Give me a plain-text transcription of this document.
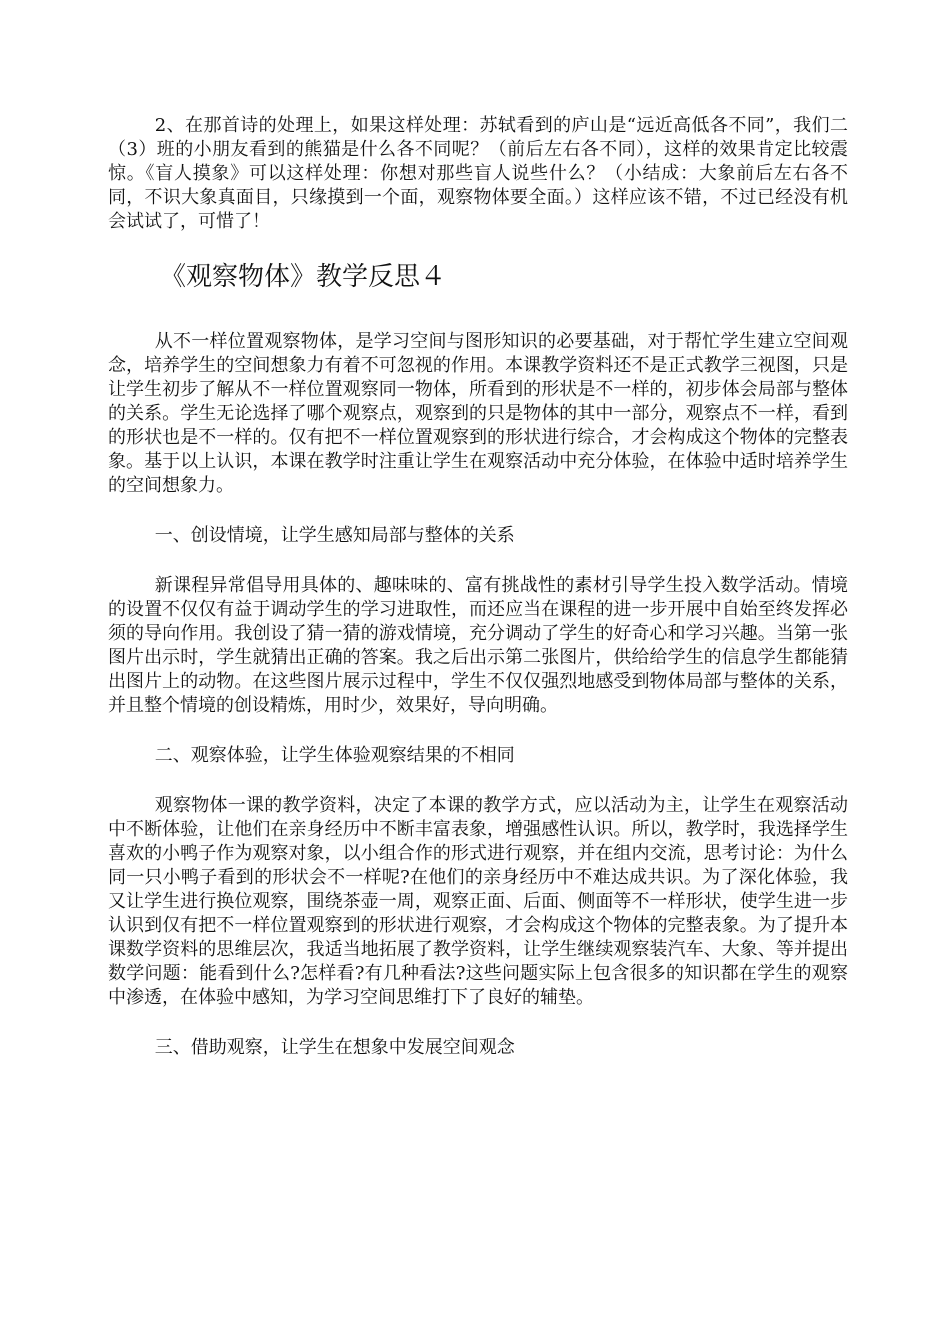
2、在那首诗的处理上，如果这样处理：苏轼看到的庐山是“远近高低各不同”，我们二（3）班的小朋友看到的熊猫是什么各不同呢？（前后左右各不同），这样的效果肯定比较震惊。《盲人摸象》可以这样处理：你想对那些盲人说些什么？（小结成：大象前后左右各不同，不识大象真面目，只缘摸到一个面，观察物体要全面。）这样应该不错，不过已经没有机会试试了，可惜了！

《观察物体》教学反思４

从不一样位置观察物体，是学习空间与图形知识的必要基础，对于帮忙学生建立空间观念，培养学生的空间想象力有着不可忽视的作用。本课教学资料还不是正式教学三视图，只是让学生初步了解从不一样位置观察同一物体，所看到的形状是不一样的，初步体会局部与整体的关系。学生无论选择了哪个观察点，观察到的只是物体的其中一部分，观察点不一样，看到的形状也是不一样的。仅有把不一样位置观察到的形状进行综合，才会构成这个物体的完整表象。基于以上认识，本课在教学时注重让学生在观察活动中充分体验，在体验中适时培养学生的空间想象力。

一、创设情境，让学生感知局部与整体的关系

新课程异常倡导用具体的、趣味味的、富有挑战性的素材引导学生投入数学活动。情境的设置不仅仅有益于调动学生的学习进取性，而还应当在课程的进一步开展中自始至终发挥必须的导向作用。我创设了猜一猜的游戏情境，充分调动了学生的好奇心和学习兴趣。当第一张图片出示时，学生就猜出正确的答案。我之后出示第二张图片，供给给学生的信息学生都能猜出图片上的动物。在这些图片展示过程中，学生不仅仅强烈地感受到物体局部与整体的关系，并且整个情境的创设精炼，用时少，效果好，导向明确。

二、观察体验，让学生体验观察结果的不相同

观察物体一课的教学资料，决定了本课的教学方式，应以活动为主，让学生在观察活动中不断体验，让他们在亲身经历中不断丰富表象，增强感性认识。所以，教学时，我选择学生喜欢的小鸭子作为观察对象，以小组合作的形式进行观察，并在组内交流，思考讨论：为什么同一只小鸭子看到的形状会不一样呢?在他们的亲身经历中不难达成共识。为了深化体验，我又让学生进行换位观察，围绕茶壶一周，观察正面、后面、侧面等不一样形状，使学生进一步认识到仅有把不一样位置观察到的形状进行观察，才会构成这个物体的完整表象。为了提升本课数学资料的思维层次，我适当地拓展了教学资料，让学生继续观察装汽车、大象、等并提出数学问题：能看到什么?怎样看?有几种看法?这些问题实际上包含很多的知识都在学生的观察中渗透，在体验中感知，为学习空间思维打下了良好的辅垫。

三、借助观察，让学生在想象中发展空间观念
